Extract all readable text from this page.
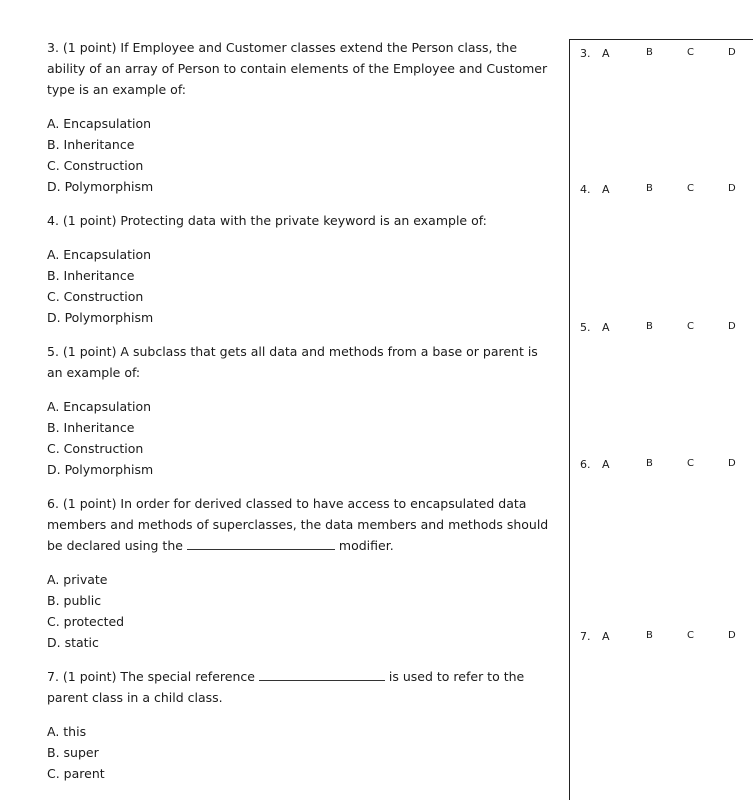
3. (1 point) If Employee and Customer classes extend the Person class, the ability of an array of Person to contain elements of the Employee and Customer type is an example of:

A. Encapsulation
B. Inheritance
C. Construction
D. Polymorphism

4. (1 point) Protecting data with the private keyword is an example of:

A. Encapsulation
B. Inheritance
C. Construction
D. Polymorphism

5. (1 point) A subclass that gets all data and methods from a base or parent is an example of:

A. Encapsulation
B. Inheritance
C. Construction
D. Polymorphism

6. (1 point) In order for derived classed to have access to encapsulated data members and methods of superclasses, the data members and methods should be declared using the	modifier.

A. private
B. public
C. protected
D. static

7. (1 point) The special reference	is used to refer to the parent class in a child class.

A. this
B. super
C. parent
3. A	B	C	D
4. A	B	C	D
5. A	B	C	D
6. A	B	C	D
7. A	B	C	D
